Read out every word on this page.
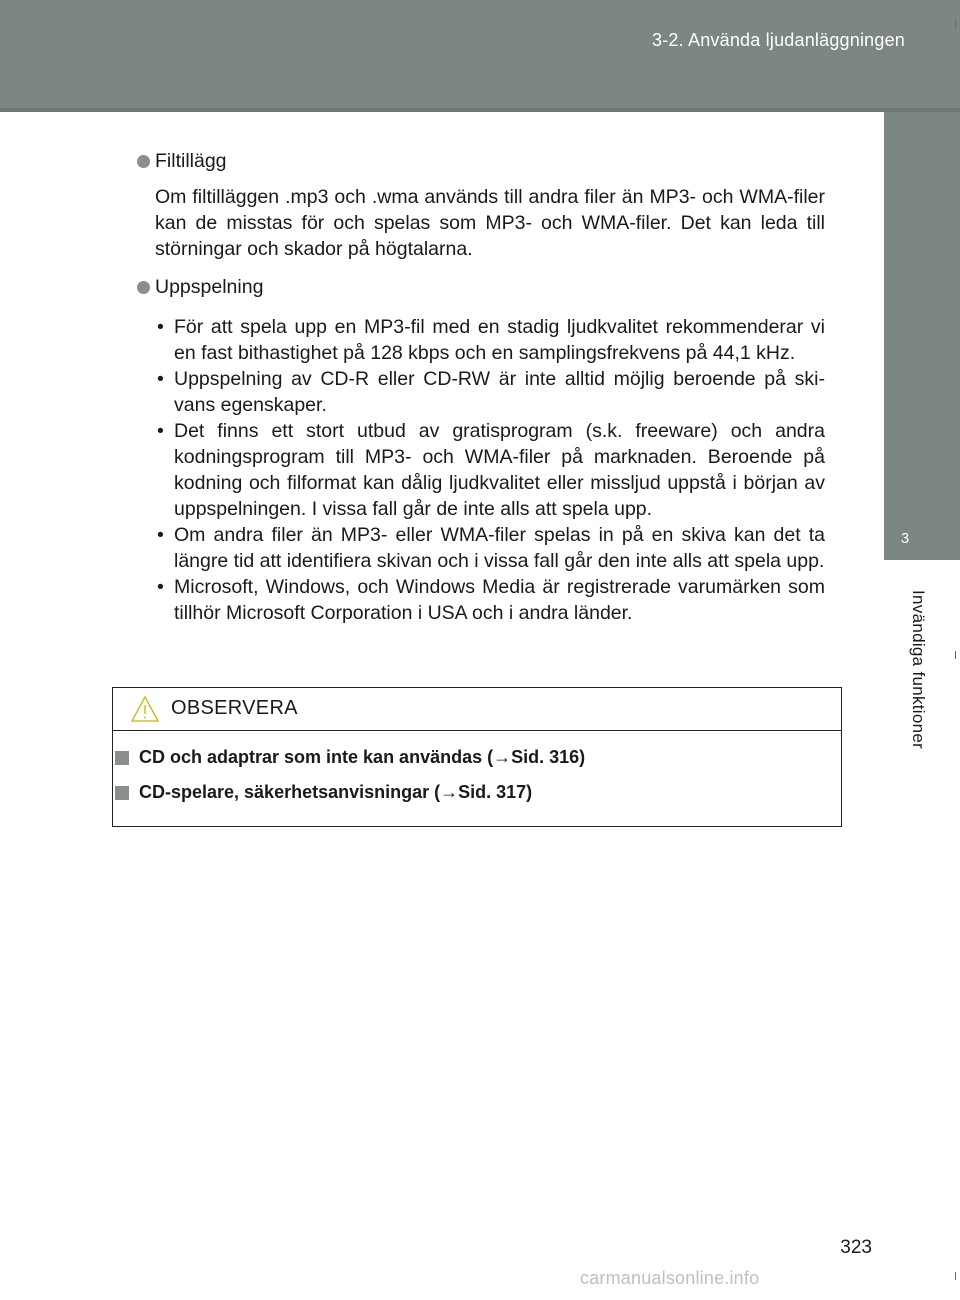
3-2. Använda ljudanläggningen
3
Invändiga funktioner

Filtillägg

Om filtilläggen .mp3 och .wma används till andra filer än MP3- och WMA-filer kan de misstas för och spelas som MP3- och WMA-filer. Det kan leda till störningar och skador på högtalarna.

Uppspelning

• För att spela upp en MP3-fil med en stadig ljudkvalitet rekommenderar vi en fast bithastighet på 128 kbps och en samplingsfrekvens på 44,1 kHz.
• Uppspelning av CD-R eller CD-RW är inte alltid möjlig beroende på ski-vans egenskaper.
• Det finns ett stort utbud av gratisprogram (s.k. freeware) och andra kodningsprogram till MP3- och WMA-filer på marknaden. Beroende på kodning och filformat kan dålig ljudkvalitet eller missljud uppstå i början av uppspelningen. I vissa fall går de inte alls att spela upp.
• Om andra filer än MP3- eller WMA-filer spelas in på en skiva kan det ta längre tid att identifiera skivan och i vissa fall går den inte alls att spela upp.
• Microsoft, Windows, och Windows Media är registrerade varumärken som tillhör Microsoft Corporation i USA och i andra länder.
OBSERVERA
CD och adaptrar som inte kan användas (→Sid. 316)
CD-spelare, säkerhetsanvisningar (→Sid. 317)
323
carmanualsonline.info
